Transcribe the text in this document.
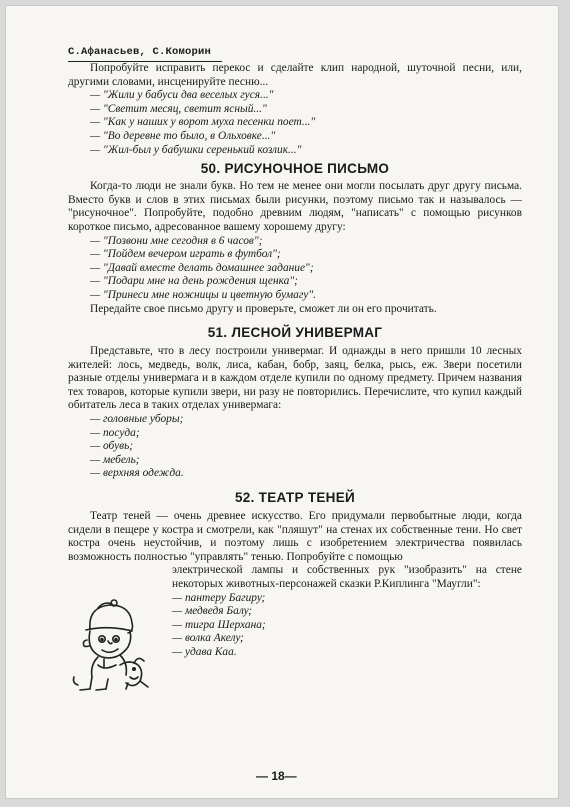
С.Афанасьев, С.Коморин

Попробуйте исправить перекос и сделайте клип народной, шуточной песни, или, другими словами, инсценируйте песню...

— "Жили у бабуси два веселых гуся..."
— "Светит месяц, светит ясный..."
— "Как у наших у ворот муха песенки поет..."
— "Во деревне то было, в Ольховке..."
— "Жил-был у бабушки серенький козлик..."
50. РИСУНОЧНОЕ ПИСЬМО

Когда-то люди не знали букв. Но тем не менее они могли посылать друг другу письма. Вместо букв и слов в этих письмах были рисунки, поэтому письмо так и называлось — "рисуночное". Попробуйте, подобно древним людям, "написать" с помощью рисунков короткое письмо, адресованное вашему хорошему другу:

— "Позвони мне сегодня в 6 часов";
— "Пойдем вечером играть в футбол";
— "Давай вместе делать домашнее задание";
— "Подари мне на день рождения щенка";
— "Принеси мне ножницы и цветную бумагу".

Передайте свое письмо другу и проверьте, сможет ли он его прочитать.

51. ЛЕСНОЙ УНИВЕРМАГ

Представьте, что в лесу построили универмаг. И однажды в него пришли 10 лесных жителей: лось, медведь, волк, лиса, кабан, бобр, заяц, белка, рысь, еж. Звери посетили разные отделы универмага и в каждом отделе купили по одному предмету. Причем названия тех товаров, которые купили звери, ни разу не повторились. Перечислите, что купил каждый обитатель леса в таких отделах универмага:

— головные уборы;
— посуда;
— обувь;
— мебель;
— верхняя одежда.
52. ТЕАТР ТЕНЕЙ

Театр теней — очень древнее искусство. Его придумали первобытные люди, когда сидели в пещере у костра и смотрели, как "пляшут" на стенах их собственные тени. Но свет костра очень неустойчив, и поэтому лишь с изобретением электричества появилась возможность полностью "управлять" тенью. Попробуйте с помощью

электрической лампы и собственных рук "изобразить" на стене некоторых животных-персонажей сказки Р.Киплинга "Маугли":

— пантеру Багиру;
— медведя Балу;
— тигра Шерхана;
— волка Акелу;
— удава Каа.
— 18—
